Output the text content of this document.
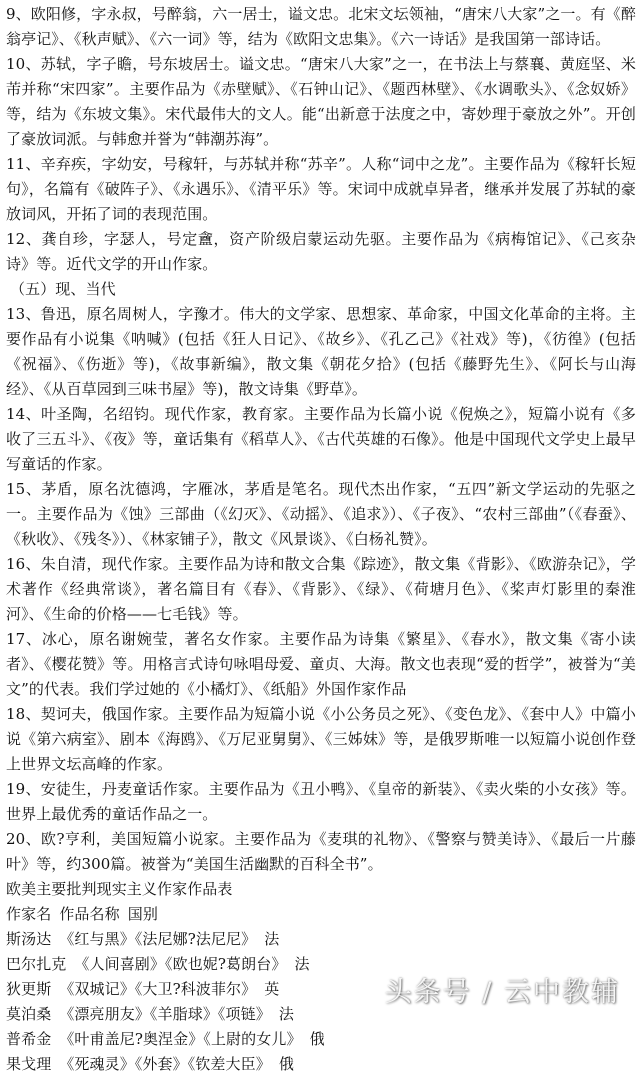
9、欧阳修，字永叔，号醉翁，六一居士，谥文忠。北宋文坛领袖，“唐宋八大家”之一。有《醉翁亭记》、《秋声赋》、《六一词》等，结为《欧阳文忠集》。《六一诗话》是我国第一部诗话。

10、苏轼，字子瞻，号东坡居士。谥文忠。“唐宋八大家”之一，在书法上与蔡襄、黄庭坚、米芾并称“宋四家”。主要作品为《赤壁赋》、《石钟山记》、《题西林壁》、《水调歌头》、《念奴娇》等，结为《东坡文集》。宋代最伟大的文人。能“出新意于法度之中，寄妙理于豪放之外”。开创了豪放词派。与韩愈并誉为“韩潮苏海”。

11、辛弃疾，字幼安，号稼轩，与苏轼并称“苏辛”。人称“词中之龙”。主要作品为《稼轩长短句》，名篇有《破阵子》、《永遇乐》、《清平乐》等。宋词中成就卓异者，继承并发展了苏轼的豪放词风，开拓了词的表现范围。

12、龚自珍，字瑟人，号定盦，资产阶级启蒙运动先驱。主要作品为《病梅馆记》、《己亥杂诗》等。近代文学的开山作家。

（五）现、当代

13、鲁迅，原名周树人，字豫才。伟大的文学家、思想家、革命家，中国文化革命的主将。主要作品有小说集《呐喊》(包括《狂人日记》、《故乡》、《孔乙己》《社戏》等)，《彷徨》(包括《祝福》、《伤逝》等)，《故事新编》，散文集《朝花夕拾》(包括《藤野先生》、《阿长与山海经》、《从百草园到三味书屋》等)，散文诗集《野草》。

14、叶圣陶，名绍钧。现代作家，教育家。主要作品为长篇小说《倪焕之》，短篇小说有《多收了三五斗》、《夜》等，童话集有《稻草人》、《古代英雄的石像》。他是中国现代文学史上最早写童话的作家。

15、茅盾，原名沈德鸿，字雁冰，茅盾是笔名。现代杰出作家，“五四”新文学运动的先驱之一。主要作品为《蚀》三部曲（《幻灭》、《动摇》、《追求》）、《子夜》、“农村三部曲”（《春蚕》、《秋收》、《残冬》）、《林家铺子》，散文《风景谈》、《白杨礼赞》。

16、朱自清，现代作家。主要作品为诗和散文合集《踪迹》，散文集《背影》、《欧游杂记》，学术著作《经典常谈》，著名篇目有《春》、《背影》、《绿》、《荷塘月色》、《桨声灯影里的秦淮河》、《生命的价格——七毛钱》等。

17、冰心，原名谢婉莹，著名女作家。主要作品为诗集《繁星》、《春水》，散文集《寄小读者》、《樱花赞》等。用格言式诗句咏唱母爱、童贞、大海。散文也表现“爱的哲学”，被誉为“美文”的代表。我们学过她的《小橘灯》、《纸船》外国作家作品

18、契诃夫，俄国作家。主要作品为短篇小说《小公务员之死》、《变色龙》、《套中人》中篇小说《第六病室》、剧本《海鸥》、《万尼亚舅舅》、《三姊妹》等，是俄罗斯唯一以短篇小说创作登上世界文坛高峰的作家。

19、安徒生，丹麦童话作家。主要作品为《丑小鸭》、《皇帝的新装》、《卖火柴的小女孩》等。世界上最优秀的童话作品之一。

20、欧?亨利，美国短篇小说家。主要作品为《麦琪的礼物》、《警察与赞美诗》、《最后一片藤叶》等，约300篇。被誉为“美国生活幽默的百科全书”。

欧美主要批判现实主义作家作品表

作家名 作品名称 国别

斯汤达 《红与黑》《法尼娜?法尼尼》 法

巴尔扎克 《人间喜剧》《欧也妮?葛朗台》 法

狄更斯 《双城记》《大卫?科波菲尔》 英

莫泊桑 《漂亮朋友》《羊脂球》《项链》 法

普希金 《叶甫盖尼?奥涅金》《上尉的女儿》 俄

果戈理 《死魂灵》《外套》《钦差大臣》 俄

头条号 / 云中教辅
